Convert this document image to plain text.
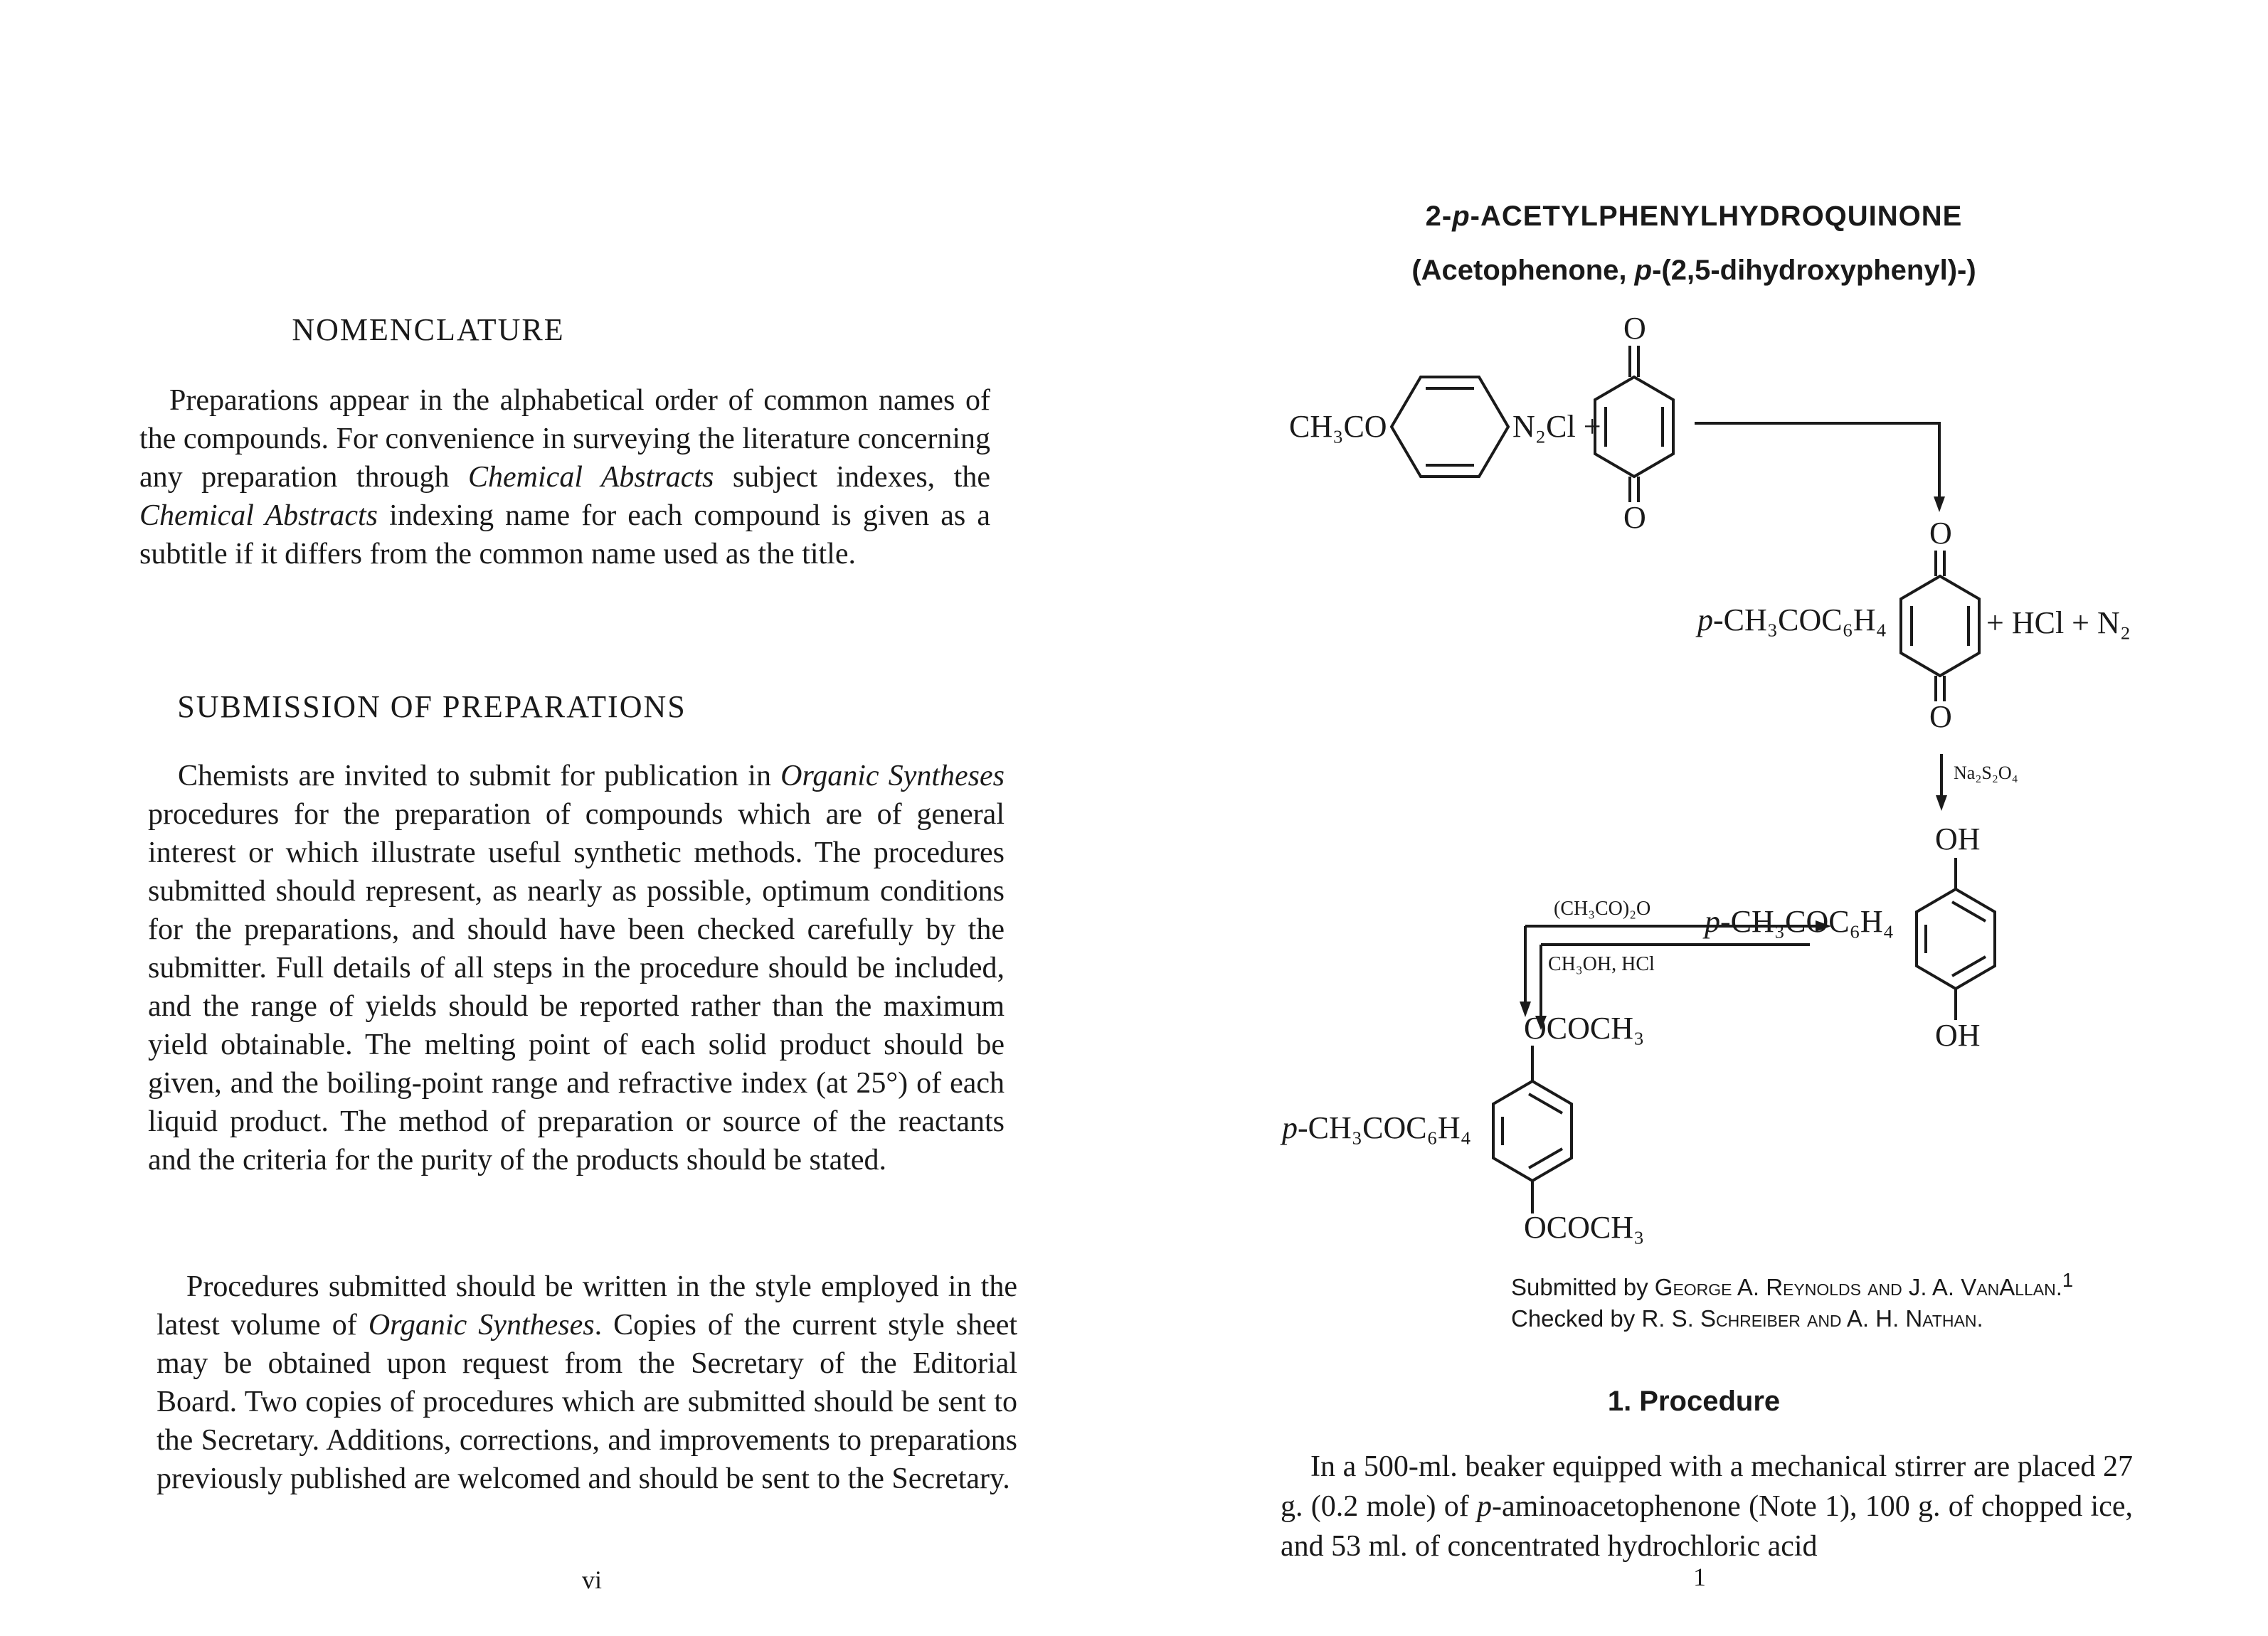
NOMENCLATURE

Preparations appear in the alphabetical order of common names of the compounds. For convenience in surveying the literature concerning any preparation through Chemical Abstracts subject indexes, the Chemical Abstracts indexing name for each compound is given as a subtitle if it differs from the common name used as the title.

SUBMISSION OF PREPARATIONS

Chemists are invited to submit for publication in Organic Syntheses procedures for the preparation of compounds which are of general interest or which illustrate useful synthetic methods. The procedures submitted should represent, as nearly as possible, optimum conditions for the preparations, and should have been checked carefully by the submitter. Full details of all steps in the procedure should be included, and the range of yields should be reported rather than the maximum yield obtainable. The melting point of each solid product should be given, and the boiling-point range and refractive index (at 25°) of each liquid product. The method of preparation or source of the reactants and the criteria for the purity of the products should be stated.

Procedures submitted should be written in the style employed in the latest volume of Organic Syntheses. Copies of the current style sheet may be obtained upon request from the Secretary of the Editorial Board. Two copies of procedures which are submitted should be sent to the Secretary. Additions, corrections, and improvements to preparations previously published are welcomed and should be sent to the Secretary.

vi

2-p-ACETYLPHENYLHYDROQUINONE
(Acetophenone, p-(2,5-dihydroxyphenyl)-)
CH₃CO	N₂Cl +
O
O	O
p-CH₃COC₆H₄	+ HCl + N₂
O
Na₂S₂O₄
OH
p-CH₃COC₆H₄
OH
(CH₃CO)₂O
CH₃OH, HCl
OCOCH₃
p-CH₃COC₆H₄
OCOCH₃

Submitted by George A. Reynolds and J. A. VanAllan.$^1$
Checked by R. S. Schreiber and A. H. Nathan.

1. Procedure

In a 500-ml. beaker equipped with a mechanical stirrer are placed 27 g. (0.2 mole) of p-aminoacetophenone (Note 1), 100 g. of chopped ice, and 53 ml. of concentrated hydrochloric acid

1
